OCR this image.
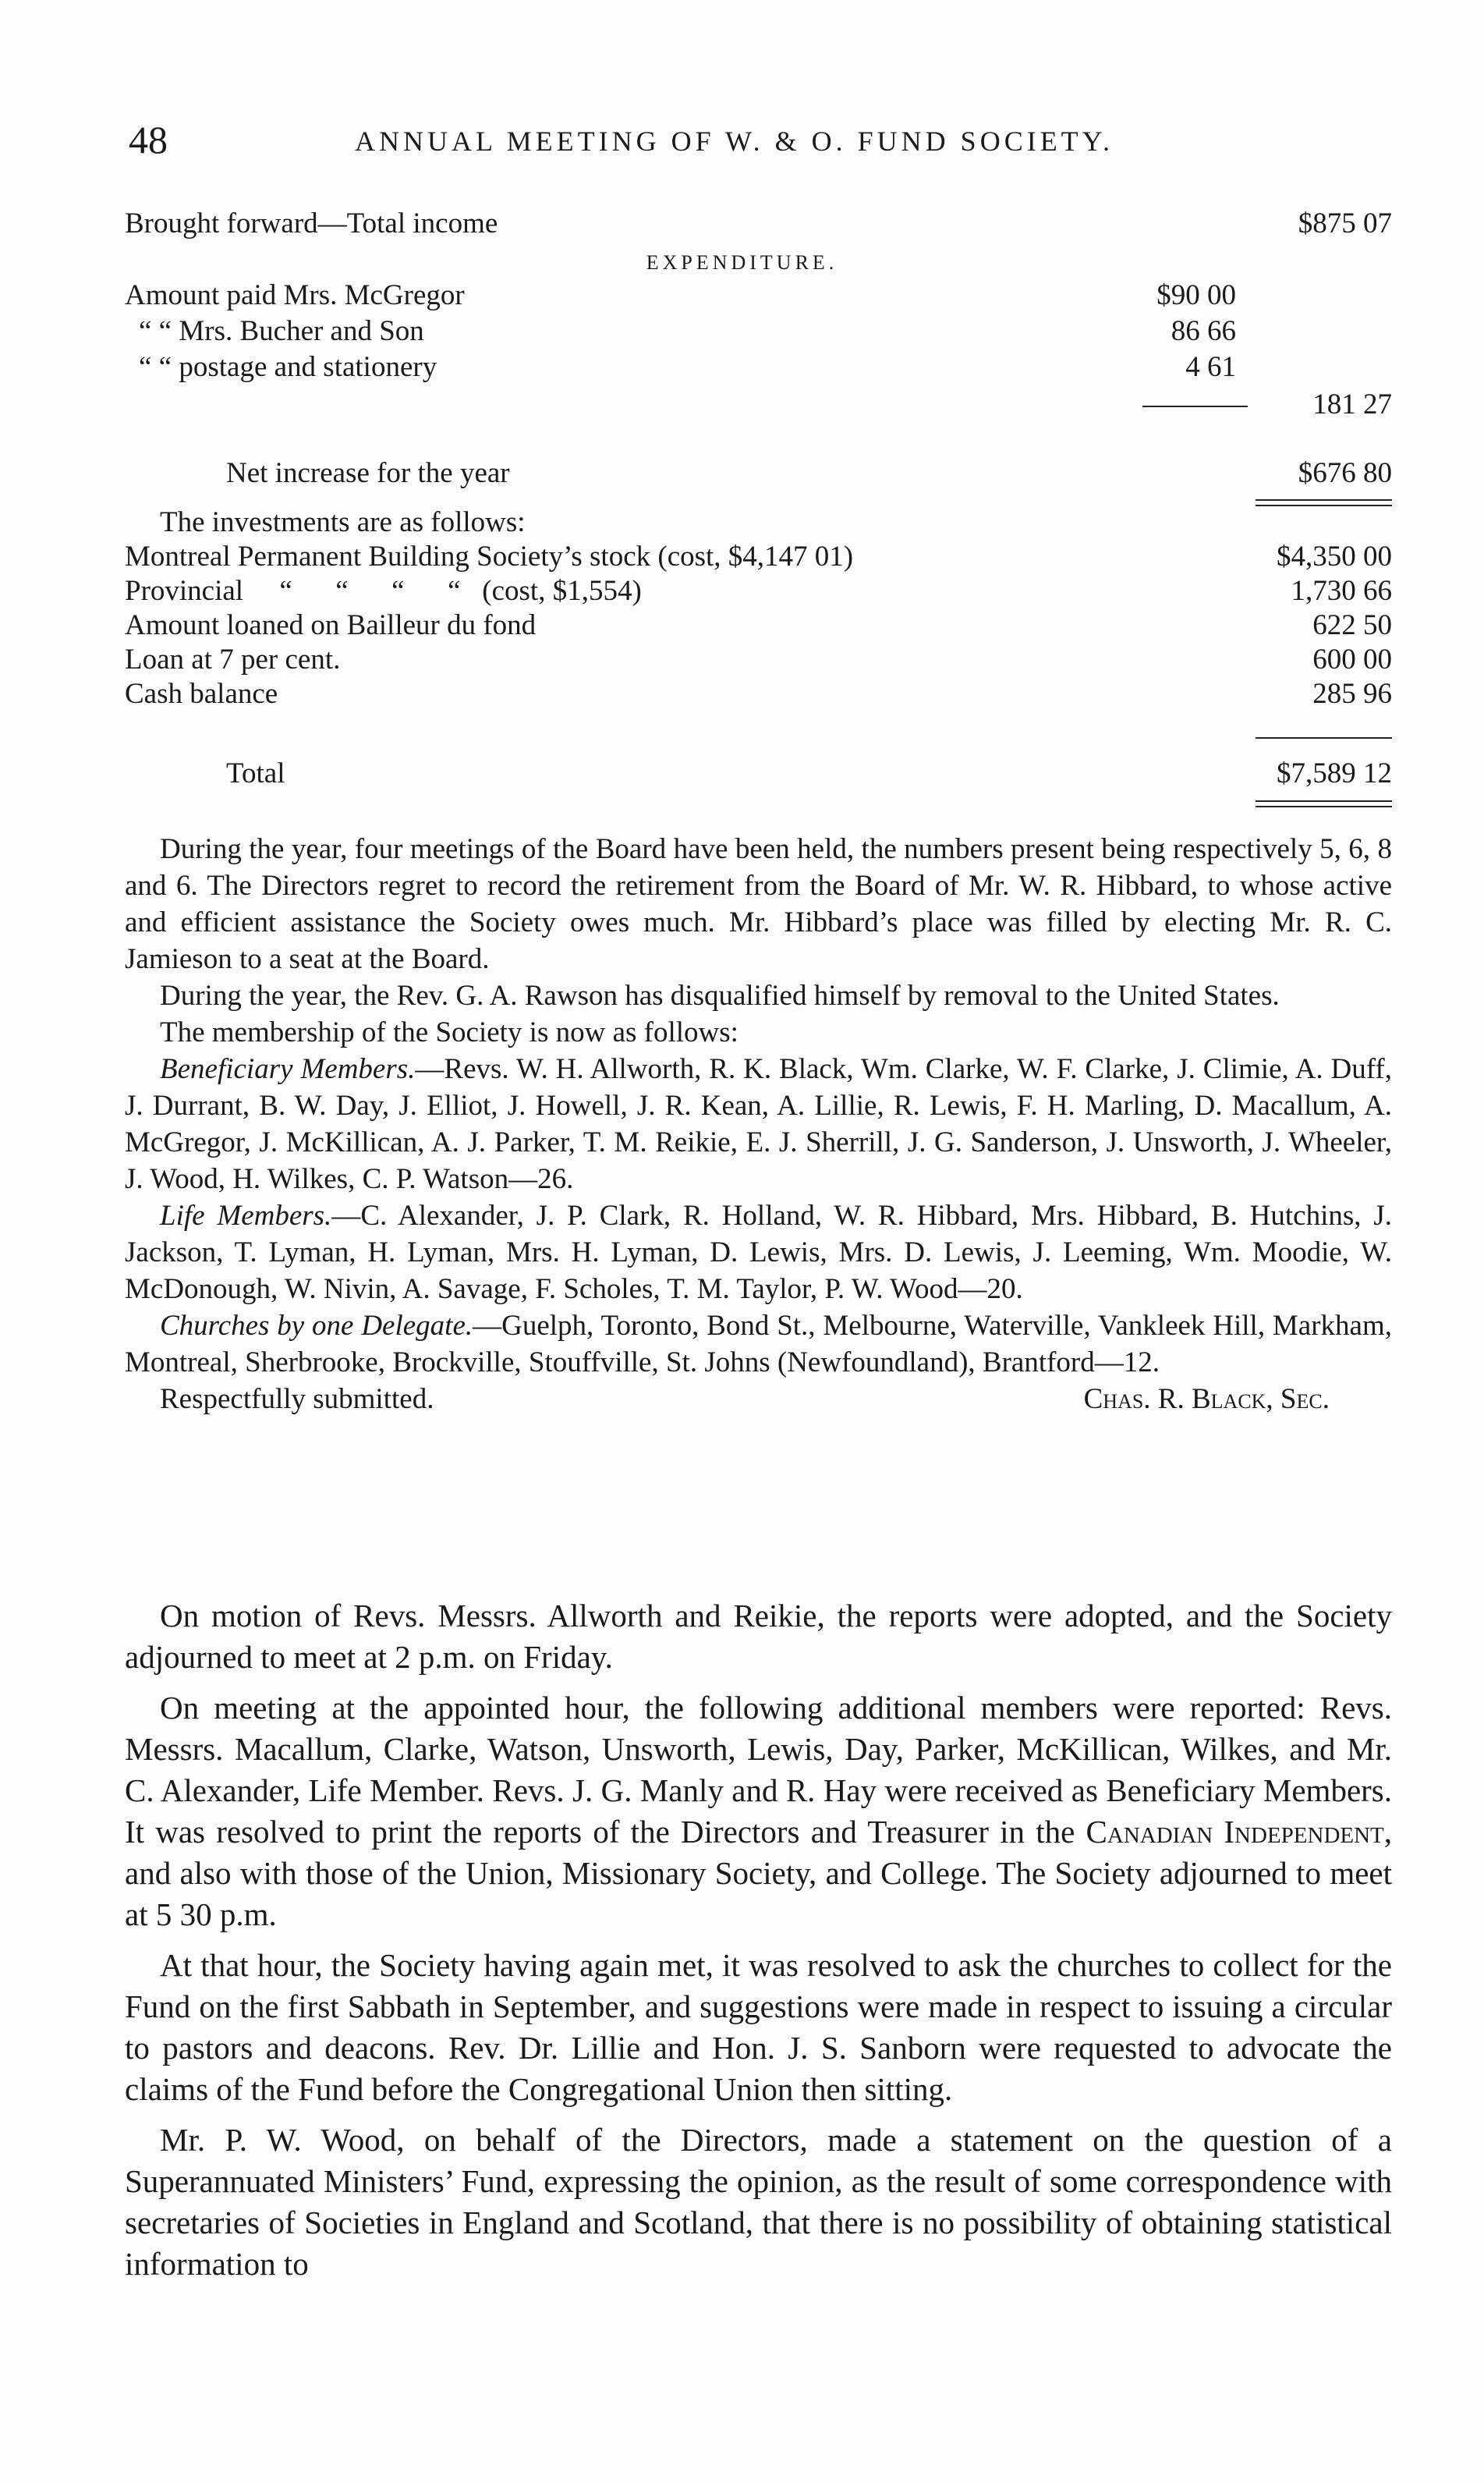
48	ANNUAL MEETING OF W. & O. FUND SOCIETY.
Brought forward—Total income	$875 07
EXPENDITURE.
Amount paid Mrs. McGregor	$90 00
“ “ Mrs. Bucher and Son	86 66
“ “ postage and stationery	4 61
181 27
Net increase for the year	$676 80
The investments are as follows:
Montreal Permanent Building Society’s stock (cost, $4,147 01)	$4,350 00
Provincial     “      “      “      “   (cost, $1,554)	1,730 66
Amount loaned on Bailleur du fond	622 50
Loan at 7 per cent.	600 00
Cash balance	285 96
Total	$7,589 12

During the year, four meetings of the Board have been held, the numbers present being respectively 5, 6, 8 and 6. The Directors regret to record the retirement from the Board of Mr. W. R. Hibbard, to whose active and efficient assistance the Society owes much. Mr. Hibbard’s place was filled by electing Mr. R. C. Jamieson to a seat at the Board.

During the year, the Rev. G. A. Rawson has disqualified himself by removal to the United States.

The membership of the Society is now as follows:

Beneficiary Members.—Revs. W. H. Allworth, R. K. Black, Wm. Clarke, W. F. Clarke, J. Climie, A. Duff, J. Durrant, B. W. Day, J. Elliot, J. Howell, J. R. Kean, A. Lillie, R. Lewis, F. H. Marling, D. Macallum, A. McGregor, J. McKillican, A. J. Parker, T. M. Reikie, E. J. Sherrill, J. G. Sanderson, J. Unsworth, J. Wheeler, J. Wood, H. Wilkes, C. P. Watson—26.

Life Members.—C. Alexander, J. P. Clark, R. Holland, W. R. Hibbard, Mrs. Hibbard, B. Hutchins, J. Jackson, T. Lyman, H. Lyman, Mrs. H. Lyman, D. Lewis, Mrs. D. Lewis, J. Leeming, Wm. Moodie, W. McDonough, W. Nivin, A. Savage, F. Scholes, T. M. Taylor, P. W. Wood—20.

Churches by one Delegate.—Guelph, Toronto, Bond St., Melbourne, Waterville, Vankleek Hill, Markham, Montreal, Sherbrooke, Brockville, Stouffville, St. Johns (Newfoundland), Brantford—12.

Respectfully submitted.	Chas. R. Black, Sec.

On motion of Revs. Messrs. Allworth and Reikie, the reports were adopted, and the Society adjourned to meet at 2 p.m. on Friday.

On meeting at the appointed hour, the following additional members were reported: Revs. Messrs. Macallum, Clarke, Watson, Unsworth, Lewis, Day, Parker, McKillican, Wilkes, and Mr. C. Alexander, Life Member. Revs. J. G. Manly and R. Hay were received as Beneficiary Members. It was resolved to print the reports of the Directors and Treasurer in the Canadian Independent, and also with those of the Union, Missionary Society, and College. The Society adjourned to meet at 5 30 p.m.

At that hour, the Society having again met, it was resolved to ask the churches to collect for the Fund on the first Sabbath in September, and suggestions were made in respect to issuing a circular to pastors and deacons. Rev. Dr. Lillie and Hon. J. S. Sanborn were requested to advocate the claims of the Fund before the Congregational Union then sitting.

Mr. P. W. Wood, on behalf of the Directors, made a statement on the question of a Superannuated Ministers’ Fund, expressing the opinion, as the result of some correspondence with secretaries of Societies in England and Scotland, that there is no possibility of obtaining statistical information to
